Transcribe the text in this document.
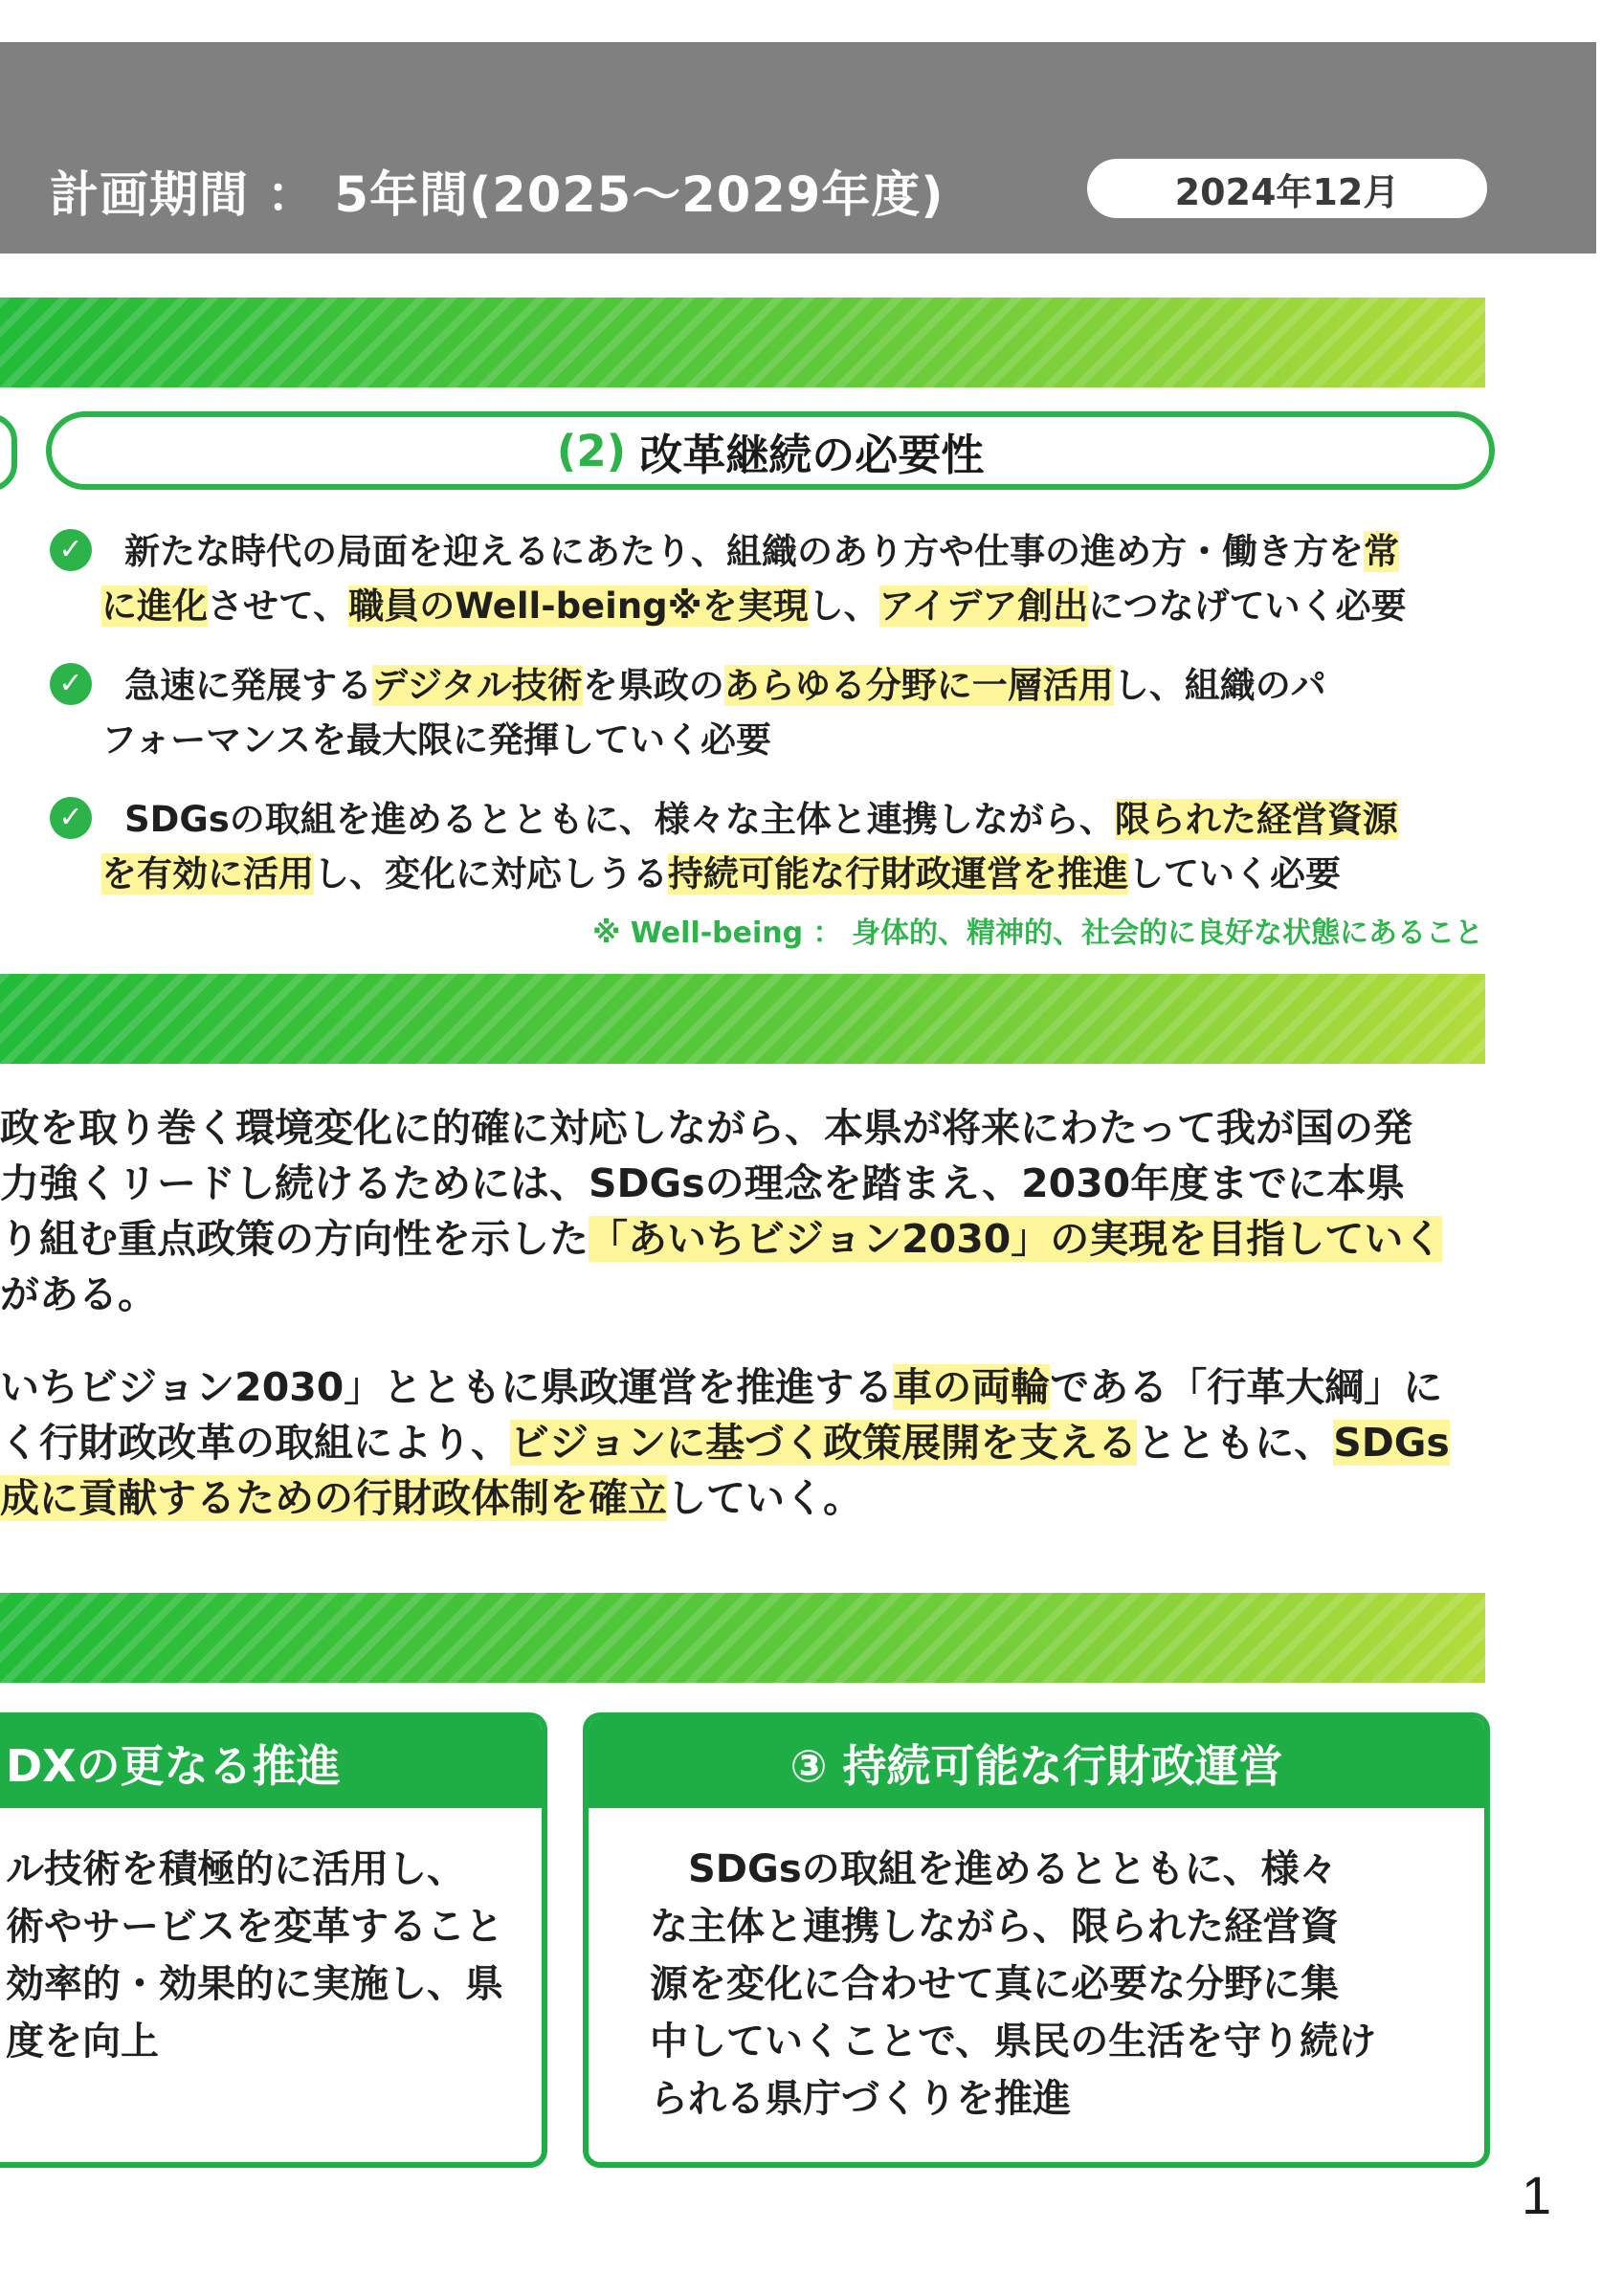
計画期間 ： 5年間(2025～2029年度)	2024年12月
(2) 改革継続の必要性
✓	新たな時代の局面を迎えるにあたり、組織のあり方や仕事の進め方・働き方を常
に進化させて、職員のWell-being※を実現し、アイデア創出につなげていく必要
✓	急速に発展するデジタル技術を県政のあらゆる分野に一層活用し、組織のパ
フォーマンスを最大限に発揮していく必要
✓	SDGsの取組を進めるとともに、様々な主体と連携しながら、限られた経営資源
を有効に活用し、変化に対応しうる持続可能な行財政運営を推進していく必要
※ Well-being ： 身体的、精神的、社会的に良好な状態にあること
政を取り巻く環境変化に的確に対応しながら、本県が将来にわたって我が国の発
力強くリードし続けるためには、SDGsの理念を踏まえ、2030年度までに本県
り組む重点政策の方向性を示した「あいちビジョン2030」の実現を目指していく
がある。
いちビジョン2030」とともに県政運営を推進する車の両輪である「行革大綱」に
く行財政改革の取組により、ビジョンに基づく政策展開を支えるとともに、SDGs
成に貢献するための行財政体制を確立していく。
DXの更なる推進
ル技術を積極的に活用し、
術やサービスを変革すること
効率的・効果的に実施し、県
度を向上
③ 持続可能な行財政運営
　SDGsの取組を進めるとともに、様々
な主体と連携しながら、限られた経営資
源を変化に合わせて真に必要な分野に集
中していくことで、県民の生活を守り続け
られる県庁づくりを推進
1
